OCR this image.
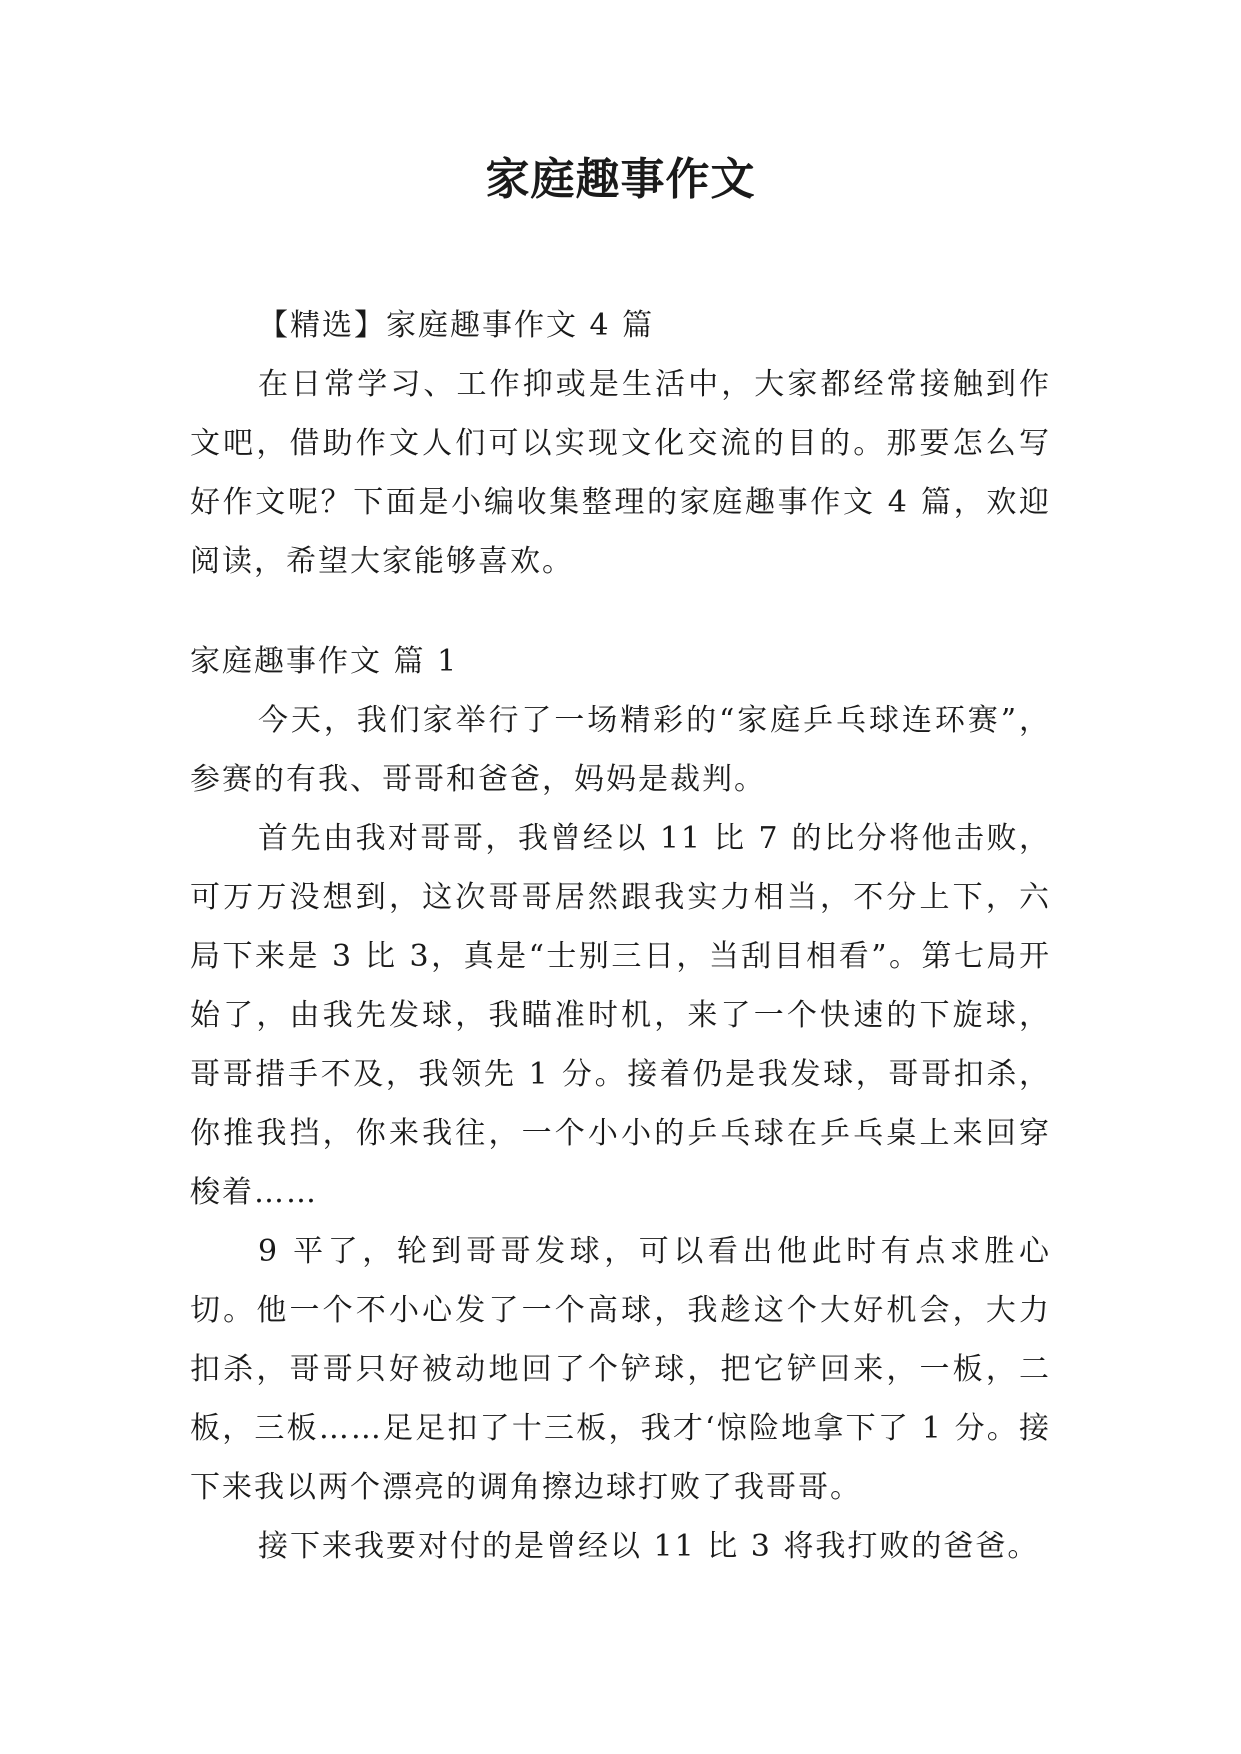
家庭趣事作文

【精选】家庭趣事作文 4 篇

在日常学习、工作抑或是生活中，大家都经常接触到作文吧，借助作文人们可以实现文化交流的目的。那要怎么写好作文呢？下面是小编收集整理的家庭趣事作文 4 篇，欢迎阅读，希望大家能够喜欢。

家庭趣事作文 篇 1

今天，我们家举行了一场精彩的“家庭乒乓球连环赛”，参赛的有我、哥哥和爸爸，妈妈是裁判。

首先由我对哥哥，我曾经以 11 比 7 的比分将他击败，可万万没想到，这次哥哥居然跟我实力相当，不分上下，六局下来是 3 比 3，真是“士别三日，当刮目相看”。第七局开始了，由我先发球，我瞄准时机，来了一个快速的下旋球，哥哥措手不及，我领先 1 分。接着仍是我发球，哥哥扣杀，你推我挡，你来我往，一个小小的乒乓球在乒乓桌上来回穿梭着……

9 平了，轮到哥哥发球，可以看出他此时有点求胜心切。他一个不小心发了一个高球，我趁这个大好机会，大力扣杀，哥哥只好被动地回了个铲球，把它铲回来，一板，二板，三板……足足扣了十三板，我才‘惊险地拿下了 1 分。接下来我以两个漂亮的调角擦边球打败了我哥哥。

接下来我要对付的是曾经以 11 比 3 将我打败的爸爸。
